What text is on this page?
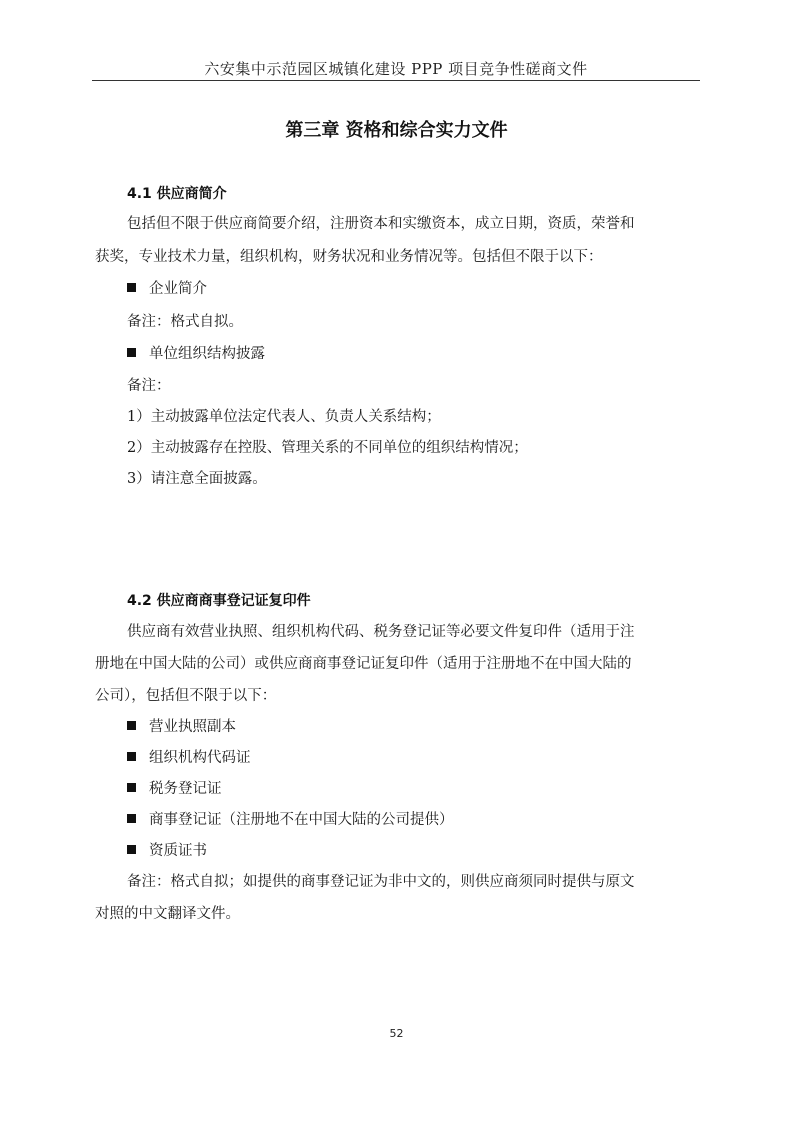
六安集中示范园区城镇化建设 PPP 项目竞争性磋商文件
第三章 资格和综合实力文件
4.1 供应商简介
包括但不限于供应商简要介绍，注册资本和实缴资本，成立日期，资质，荣誉和
获奖，专业技术力量，组织机构，财务状况和业务情况等。包括但不限于以下：
企业简介
备注：格式自拟。
单位组织结构披露
备注：
1）主动披露单位法定代表人、负责人关系结构；
2）主动披露存在控股、管理关系的不同单位的组织结构情况；
3）请注意全面披露。
4.2 供应商商事登记证复印件
供应商有效营业执照、组织机构代码、税务登记证等必要文件复印件（适用于注
册地在中国大陆的公司）或供应商商事登记证复印件（适用于注册地不在中国大陆的
公司），包括但不限于以下：
营业执照副本
组织机构代码证
税务登记证
商事登记证（注册地不在中国大陆的公司提供）
资质证书
备注：格式自拟；如提供的商事登记证为非中文的，则供应商须同时提供与原文
对照的中文翻译文件。
52
